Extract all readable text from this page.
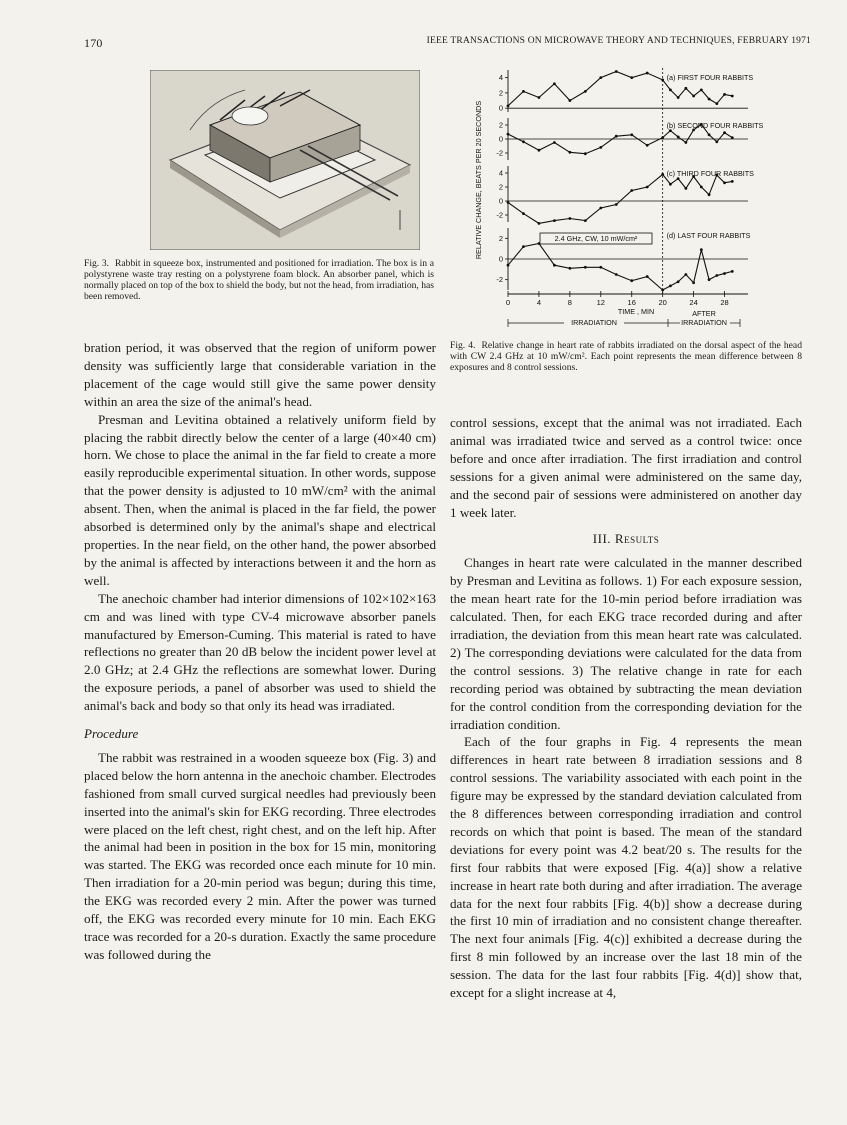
170	IEEE TRANSACTIONS ON MICROWAVE THEORY AND TECHNIQUES, FEBRUARY 1971
Fig. 3. Rabbit in squeeze box, instrumented and positioned for irradiation. The box is in a polystyrene waste tray resting on a polystyrene foam block. An absorber panel, which is normally placed on top of the box to shield the body, but not the head, from irradiation, has been removed.
RELATIVE CHANGE, BEATS PER 20 SECONDS
4
2
0
(a) FIRST FOUR RABBITS
2
0
-2
(b) SECOND FOUR RABBITS
4
2
0
-2
(c) THIRD FOUR RABBITS
2
0
-2
(d) LAST FOUR RABBITS
0	4	8	12	16	20	24	28
2.4 GHz, CW, 10 mW/cm²
TIME , MIN	AFTER
IRRADIATION	IRRADIATION
Fig. 4. Relative change in heart rate of rabbits irradiated on the dorsal aspect of the head with CW 2.4 GHz at 10 mW/cm². Each point represents the mean difference between 8 exposures and 8 control sessions.

bration period, it was observed that the region of uniform power density was sufficiently large that considerable variation in the placement of the cage would still give the same power density within an area the size of the animal's head.

Presman and Levitina obtained a relatively uniform field by placing the rabbit directly below the center of a large (40×40 cm) horn. We chose to place the animal in the far field to create a more easily reproducible experimental situation. In other words, suppose that the power density is adjusted to 10 mW/cm² with the animal absent. Then, when the animal is placed in the far field, the power absorbed is determined only by the animal's shape and electrical properties. In the near field, on the other hand, the power absorbed by the animal is affected by interactions between it and the horn as well.

The anechoic chamber had interior dimensions of 102×102×163 cm and was lined with type CV-4 microwave absorber panels manufactured by Emerson-Cuming. This material is rated to have reflections no greater than 20 dB below the incident power level at 2.0 GHz; at 2.4 GHz the reflections are somewhat lower. During the exposure periods, a panel of absorber was used to shield the animal's back and body so that only its head was irradiated.

Procedure

The rabbit was restrained in a wooden squeeze box (Fig. 3) and placed below the horn antenna in the anechoic chamber. Electrodes fashioned from small curved surgical needles had previously been inserted into the animal's skin for EKG recording. Three electrodes were placed on the left chest, right chest, and on the left hip. After the animal had been in position in the box for 15 min, monitoring was started. The EKG was recorded once each minute for 10 min. Then irradiation for a 20-min period was begun; during this time, the EKG was recorded every 2 min. After the power was turned off, the EKG was recorded every minute for 10 min. Each EKG trace was recorded for a 20-s duration. Exactly the same procedure was followed during the

control sessions, except that the animal was not irradiated. Each animal was irradiated twice and served as a control twice: once before and once after irradiation. The first irradiation and control sessions for a given animal were administered on the same day, and the second pair of sessions were administered on another day 1 week later.

III. Results

Changes in heart rate were calculated in the manner described by Presman and Levitina as follows. 1) For each exposure session, the mean heart rate for the 10-min period before irradiation was calculated. Then, for each EKG trace recorded during and after irradiation, the deviation from this mean heart rate was calculated. 2) The corresponding deviations were calculated for the data from the control sessions. 3) The relative change in rate for each recording period was obtained by subtracting the mean deviation for the control condition from the corresponding deviation for the irradiation condition.

Each of the four graphs in Fig. 4 represents the mean differences in heart rate between 8 irradiation sessions and 8 control sessions. The variability associated with each point in the figure may be expressed by the standard deviation calculated from the 8 differences between corresponding irradiation and control records on which that point is based. The mean of the standard deviations for every point was 4.2 beat/20 s. The results for the first four rabbits that were exposed [Fig. 4(a)] show a relative increase in heart rate both during and after irradiation. The average data for the next four rabbits [Fig. 4(b)] show a decrease during the first 10 min of irradiation and no consistent change thereafter. The next four animals [Fig. 4(c)] exhibited a decrease during the first 8 min followed by an increase over the last 18 min of the session. The data for the last four rabbits [Fig. 4(d)] show that, except for a slight increase at 4,
